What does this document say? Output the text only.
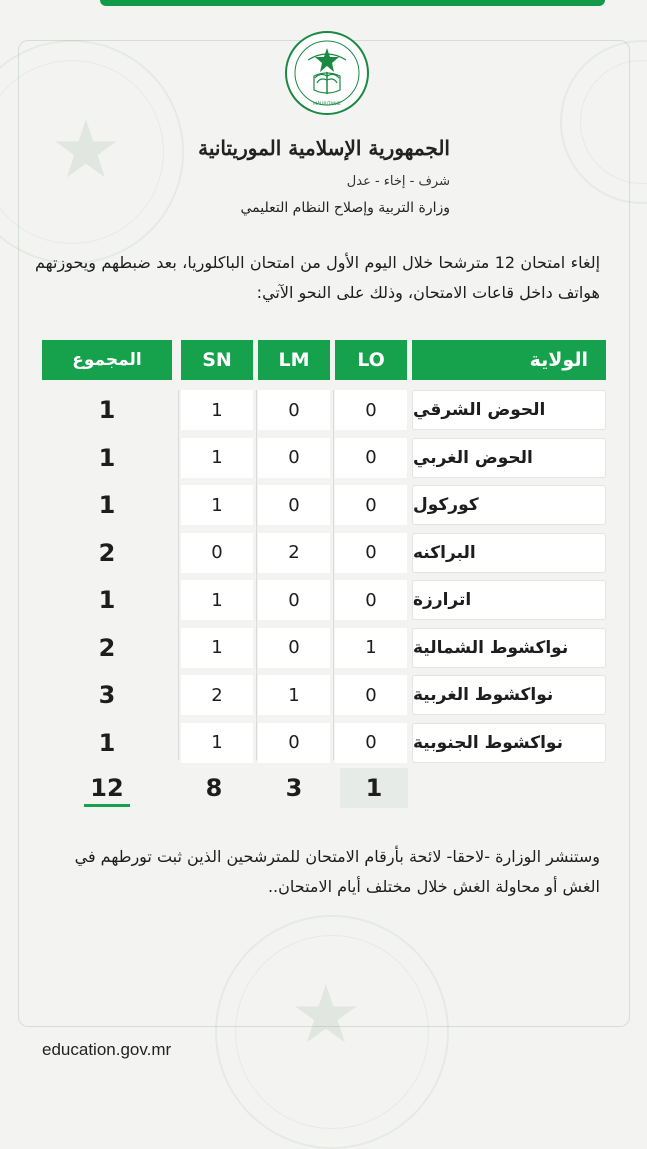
★
★
MAURITANIE
الجمهورية الإسلامية الموريتانية
شرف - إخاء - عدل
وزارة التربية وإصلاح النظام التعليمي
إلغاء امتحان 12 مترشحا خلال اليوم الأول من امتحان الباكلوريا، بعد ضبطهم ويحوزتهم هواتف داخل قاعات الامتحان، وذلك على النحو الآتي:
الولاية
LO
LM
SN
المجموع
الحوض الشرقي
0
0
1
1
الحوض الغربي
0
0
1
1
كوركول
0
0
1
1
البراكنه
0
2
0
2
اترارزة
0
0
1
1
نواكشوط الشمالية
1
0
1
2
نواكشوط الغربية
0
1
2
3
نواكشوط الجنوبية
0
0
1
1
1
3
8
12
وستنشر الوزارة -لاحقا- لائحة بأرقام الامتحان للمترشحين الذين ثبت تورطهم في الغش أو محاولة الغش خلال مختلف أيام الامتحان..
education.gov.mr
